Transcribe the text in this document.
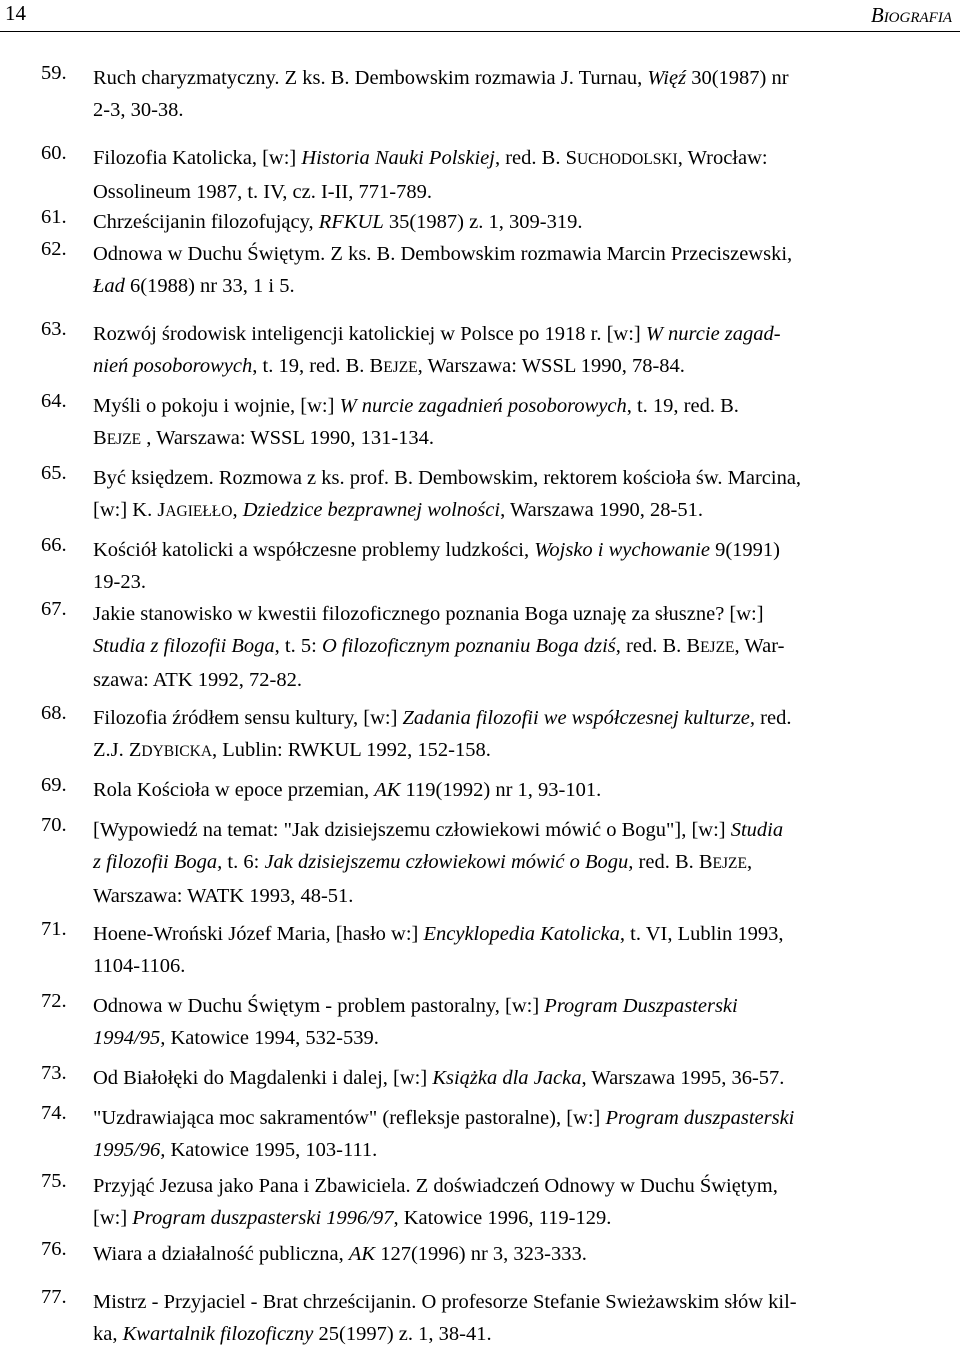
14	BIOGRAFIA
59. Ruch charyzmatyczny. Z ks. B. Dembowskim rozmawia J. Turnau, Więź 30(1987) nr
2-3, 30-38.
60. Filozofia Katolicka, [w:] Historia Nauki Polskiej, red. B. SUCHODOLSKI, Wrocław:
Ossolineum 1987, t. IV, cz. I-II, 771-789.
61. Chrześcijanin filozofujący, RFKUL 35(1987) z. 1, 309-319.
62. Odnowa w Duchu Świętym. Z ks. B. Dembowskim rozmawia Marcin Przeciszewski,
Ład 6(1988) nr 33, 1 i 5.
63. Rozwój środowisk inteligencji katolickiej w Polsce po 1918 r. [w:] W nurcie zagad-
nień posoborowych, t. 19, red. B. BEJZE, Warszawa: WSSL 1990, 78-84.
64. Myśli o pokoju i wojnie, [w:] W nurcie zagadnień posoborowych, t. 19, red. B.
BEJZE , Warszawa: WSSL 1990, 131-134.
65. Być księdzem. Rozmowa z ks. prof. B. Dembowskim, rektorem kościoła św. Marcina,
[w:] K. JAGIEŁŁO, Dziedzice bezprawnej wolności, Warszawa 1990, 28-51.
66. Kościół katolicki a współczesne problemy ludzkości, Wojsko i wychowanie 9(1991)
19-23.
67. Jakie stanowisko w kwestii filozoficznego poznania Boga uznaję za słuszne? [w:]
Studia z filozofii Boga, t. 5: O filozoficznym poznaniu Boga dziś, red. B. BEJZE, War-
szawa: ATK 1992, 72-82.
68. Filozofia źródłem sensu kultury, [w:] Zadania filozofii we współczesnej kulturze, red.
Z.J. ZDYBICKA, Lublin: RWKUL 1992, 152-158.
69. Rola Kościoła w epoce przemian, AK 119(1992) nr 1, 93-101.
70. [Wypowiedź na temat: "Jak dzisiejszemu człowiekowi mówić o Bogu"], [w:] Studia
z filozofii Boga, t. 6: Jak dzisiejszemu człowiekowi mówić o Bogu, red. B. BEJZE,
Warszawa: WATK 1993, 48-51.
71. Hoene-Wroński Józef Maria, [hasło w:] Encyklopedia Katolicka, t. VI, Lublin 1993,
1104-1106.
72. Odnowa w Duchu Świętym - problem pastoralny, [w:] Program Duszpasterski
1994/95, Katowice 1994, 532-539.
73. Od Białołęki do Magdalenki i dalej, [w:] Książka dla Jacka, Warszawa 1995, 36-57.
74. "Uzdrawiająca moc sakramentów" (refleksje pastoralne), [w:] Program duszpasterski
1995/96, Katowice 1995, 103-111.
75. Przyjąć Jezusa jako Pana i Zbawiciela. Z doświadczeń Odnowy w Duchu Świętym,
[w:] Program duszpasterski 1996/97, Katowice 1996, 119-129.
76. Wiara a działalność publiczna, AK 127(1996) nr 3, 323-333.
77. Mistrz - Przyjaciel - Brat chrześcijanin. O profesorze Stefanie Swieżawskim słów kil-
ka, Kwartalnik filozoficzny 25(1997) z. 1, 38-41.
